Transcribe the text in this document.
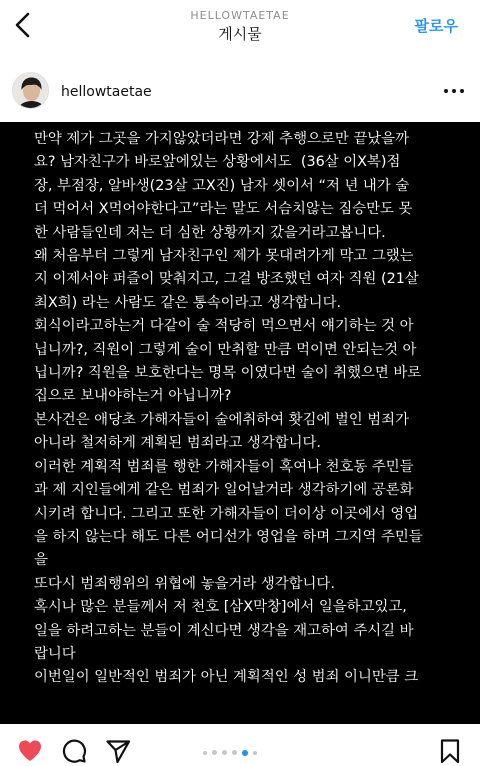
HELLOWTAETAE
게시물	팔로우
hellowtaetae
만약 제가 그곳을 가지않았더라면 강제 추행으로만 끝났을까
요? 남자친구가 바로앞에있는 상황에서도  (36살 이X복)점
장, 부점장, 알바생(23살 고X진) 남자 셋이서 “저 년 내가 술
더 먹어서 X먹어야한다고”라는 말도 서슴치않는 짐승만도 못
한 사람들인데 저는 더 심한 상황까지 갔을거라고봅니다.
왜 처음부터 그렇게 남자친구인 제가 못대려가게 막고 그랬는
지 이제서야 퍼즐이 맞춰지고, 그걸 방조했던 여자 직원 (21살
최X희) 라는 사람도 같은 통속이라고 생각합니다.
회식이라고하는거 다같이 술 적당히 먹으면서 얘기하는 것 아
닙니까?, 직원이 그렇게 술이 만취할 만큼 먹이면 안되는것 아
닙니까? 직원을 보호한다는 명목 이였다면 술이 취했으면 바로
집으로 보내야하는거 아닙니까?
본사건은 애당초 가해자들이 술에취하여 홧김에 벌인 범죄가
아니라 철저하게 계획된 범죄라고 생각합니다.
이러한 계획적 범죄를 행한 가해자들이 혹여나 천호동 주민들
과 제 지인들에게 같은 범죄가 일어날거라 생각하기에 공론화
시키려 합니다. 그리고 또한 가해자들이 더이상 이곳에서 영업
을 하지 않는다 해도 다른 어디선가 영업을 하며 그지역 주민들
을
또다시 범죄행위의 위협에 놓을거라 생각합니다.
혹시나 많은 분들께서 저 천호 [삼X막창]에서 일을하고있고,
일을 하려고하는 분들이 계신다면 생각을 재고하여 주시길 바
랍니다
이번일이 일반적인 범죄가 아닌 계획적인 성 범죄 이니만큼 크
